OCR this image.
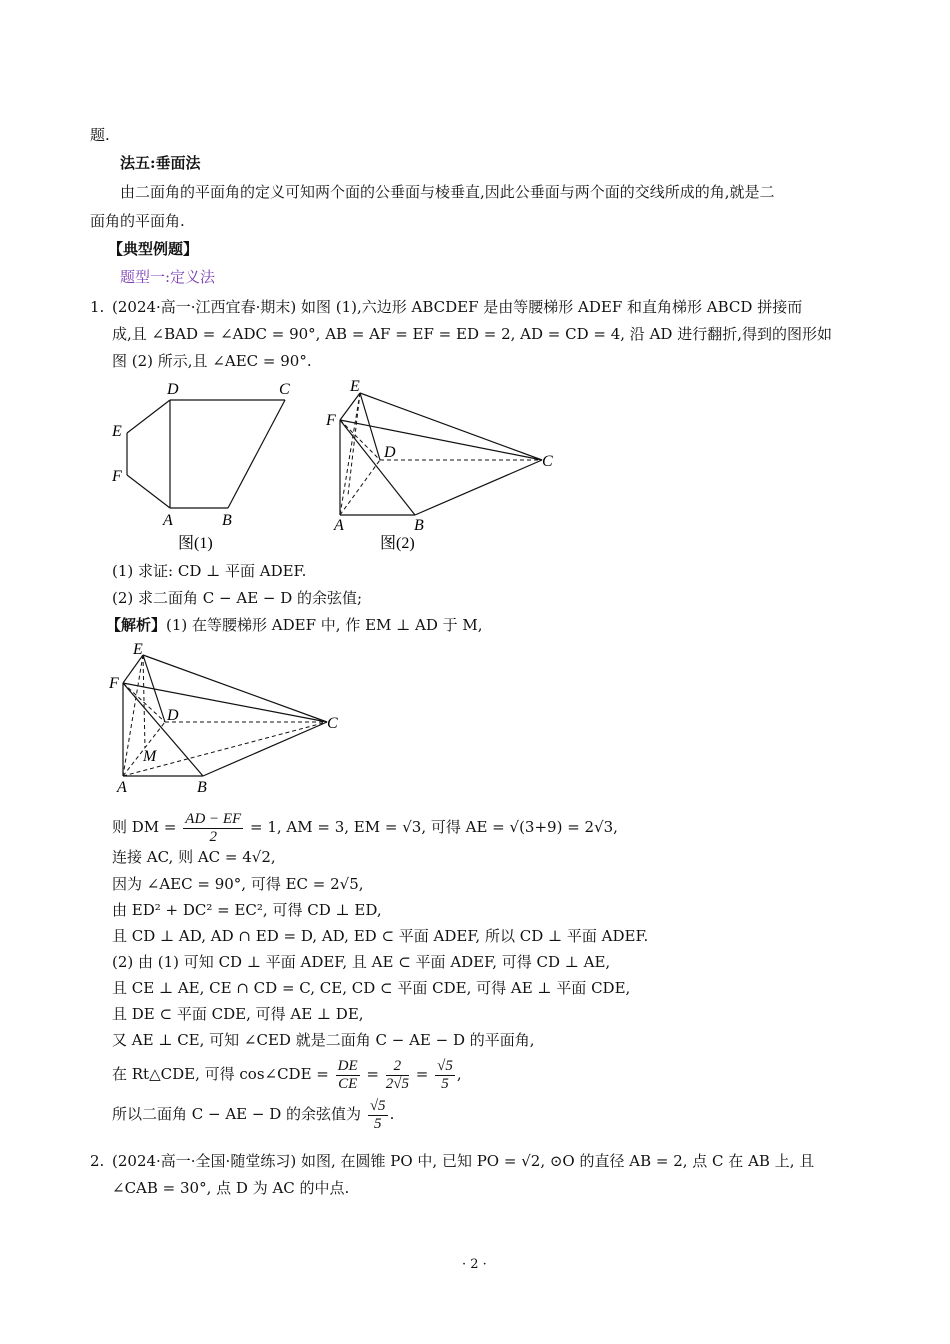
题.
法五:垂面法
由二面角的平面角的定义可知两个面的公垂面与棱垂直,因此公垂面与两个面的交线所成的角,就是二
面角的平面角.
【典型例题】
题型一:定义法
1. (2024·高一·江西宜春·期末) 如图 (1),六边形 ABCDEF 是由等腰梯形 ADEF 和直角梯形 ABCD 拼接而
成,且 ∠BAD = ∠ADC = 90°, AB = AF = EF = ED = 2, AD = CD = 4, 沿 AD 进行翻折,得到的图形如
图 (2) 所示,且 ∠AEC = 90°.
D	C
E
F
A	B
图(1)
E
F
D
C
A	B
图(2)
(1) 求证: CD ⊥ 平面 ADEF.
(2) 求二面角 C − AE − D 的余弦值;
【解析】(1) 在等腰梯形 ADEF 中, 作 EM ⊥ AD 于 M,
E
F
D
M
C
A	B
则 DM = $\frac{AD - EF}{2} = 1$, AM = 3, EM = √3, 可得 AE = √(3+9) = 2√3,
连接 AC, 则 AC = 4√2,
因为 ∠AEC = 90°, 可得 EC = 2√5,
由 ED² + DC² = EC², 可得 CD ⊥ ED,
且 CD ⊥ AD, AD ∩ ED = D, AD, ED ⊂ 平面 ADEF, 所以 CD ⊥ 平面 ADEF.
(2) 由 (1) 可知 CD ⊥ 平面 ADEF, 且 AE ⊂ 平面 ADEF, 可得 CD ⊥ AE,
且 CE ⊥ AE, CE ∩ CD = C, CE, CD ⊂ 平面 CDE, 可得 AE ⊥ 平面 CDE,
且 DE ⊂ 平面 CDE, 可得 AE ⊥ DE,
又 AE ⊥ CE, 可知 ∠CED 就是二面角 C − AE − D 的平面角,
在 Rt△CDE, 可得 cos∠CDE = $\frac{DE}{CE} = \frac{2}{2√5} = \frac{√5}{5}$ ,
所以二面角 C − AE − D 的余弦值为 $\frac{√5}{5}$ .
2. (2024·高一·全国·随堂练习) 如图, 在圆锥 PO 中, 已知 PO = √2, ⊙O 的直径 AB = 2, 点 C 在 AB 上, 且
∠CAB = 30°, 点 D 为 AC 的中点.
· 2 ·
